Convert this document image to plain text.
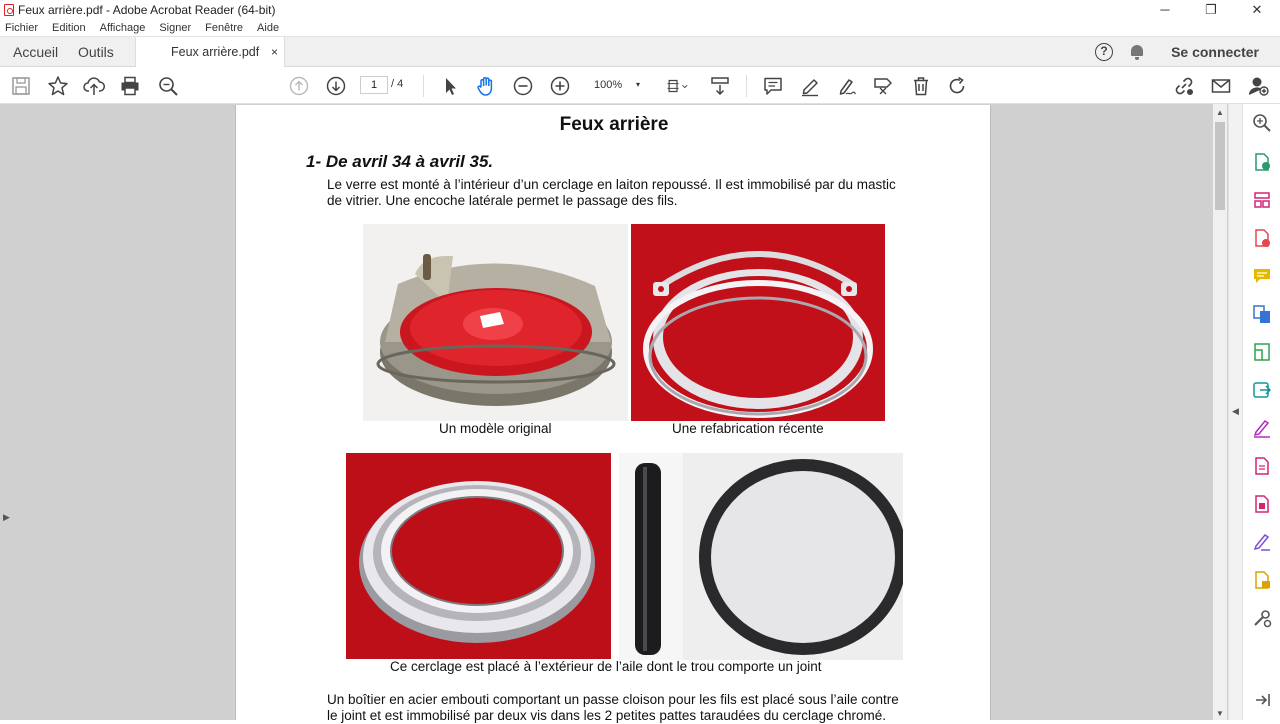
Feux arrière.pdf - Adobe Acrobat Reader (64-bit)	─	❐	✕
Fichier Edition Affichage Signer Fenêtre Aide
Accueil Outils	Feux arrière.pdf ×	?	Se connecter
1	/ 4	100% ▾
▶
Feux arrière
1- De avril 34 à avril 35.
Le verre est monté à l’intérieur d’un cerclage en laiton repoussé. Il est immobilisé par du mastic
de vitrier. Une encoche latérale permet le passage des fils.
Un modèle original	Une refabrication récente
Ce cerclage est placé à l’extérieur de l’aile dont le trou comporte un joint
Un boîtier en acier embouti comportant un passe cloison pour les fils est placé sous l’aile contre
le joint et est immobilisé par deux vis dans les 2 petites pattes taraudées du cerclage chromé.
▲
▼
◀
